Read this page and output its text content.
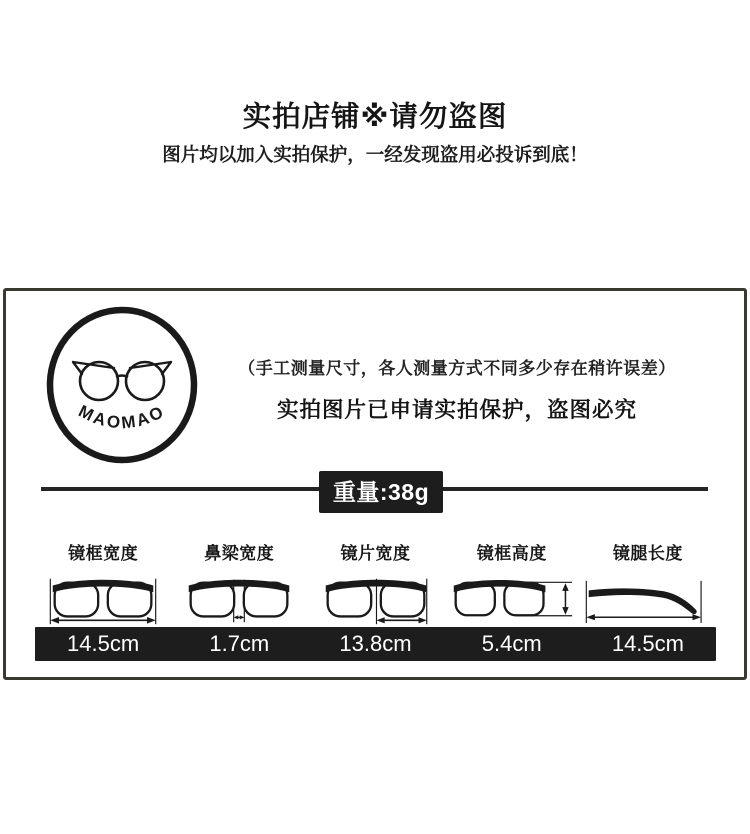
实拍店铺※请勿盗图
图片均以加入实拍保护，一经发现盗用必投诉到底！
MAOMAO
（手工测量尺寸，各人测量方式不同多少存在稍许误差）
实拍图片已申请实拍保护，盗图必究
重量:38g
镜框宽度	鼻梁宽度	镜片宽度	镜框高度	镜腿长度
14.5cm	1.7cm	13.8cm	5.4cm	14.5cm
